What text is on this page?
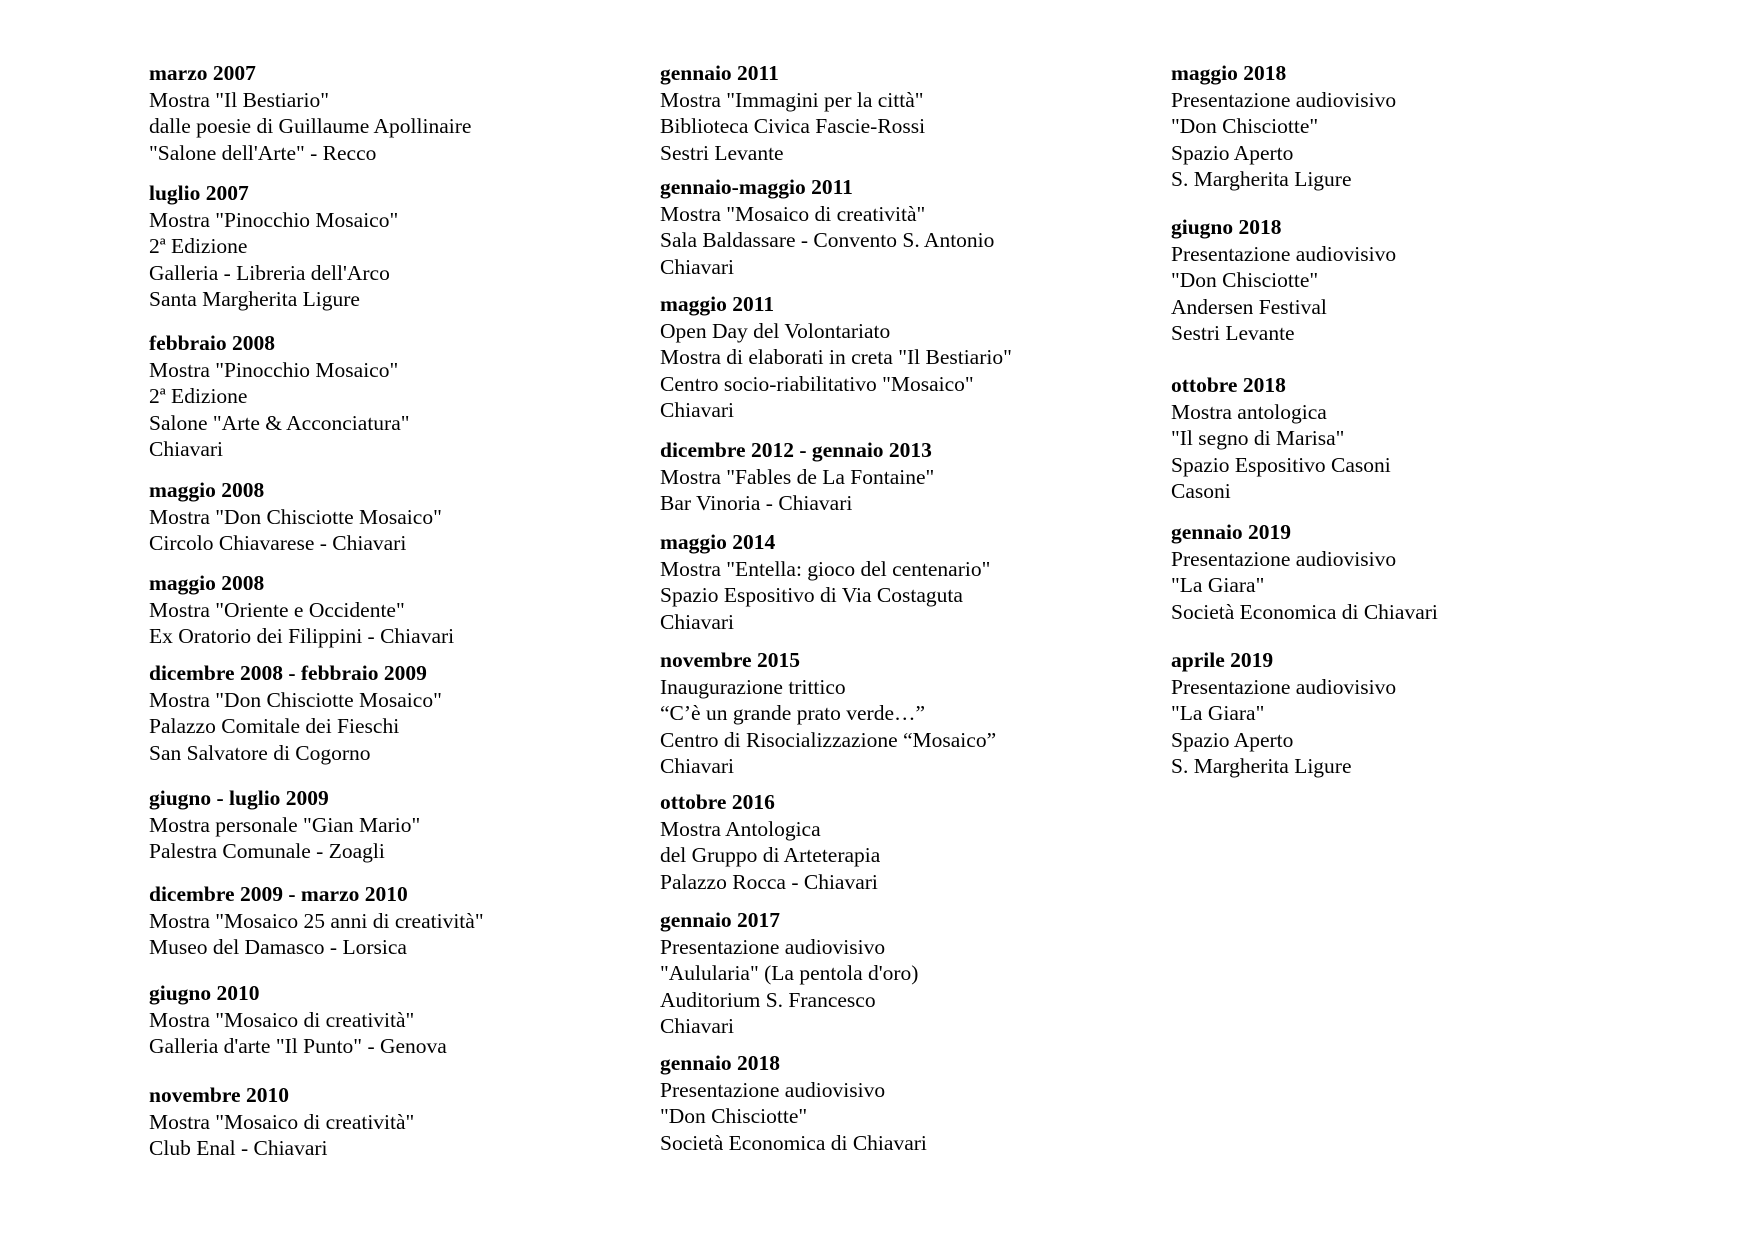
marzo 2007
Mostra "Il Bestiario"
dalle poesie di Guillaume Apollinaire
"Salone dell'Arte" - Recco
luglio 2007
Mostra "Pinocchio Mosaico"
2ª Edizione
Galleria - Libreria dell'Arco
Santa Margherita Ligure
febbraio 2008
Mostra "Pinocchio Mosaico"
2ª Edizione
Salone "Arte & Acconciatura"
Chiavari
maggio 2008
Mostra "Don Chisciotte Mosaico"
Circolo Chiavarese - Chiavari
maggio 2008
Mostra "Oriente e Occidente"
Ex Oratorio dei Filippini - Chiavari
dicembre 2008 - febbraio 2009
Mostra "Don Chisciotte Mosaico"
Palazzo Comitale dei Fieschi
San Salvatore di Cogorno
giugno - luglio 2009
Mostra personale "Gian Mario"
Palestra Comunale - Zoagli
dicembre 2009 - marzo 2010
Mostra "Mosaico 25 anni di creatività"
Museo del Damasco - Lorsica
giugno 2010
Mostra "Mosaico di creatività"
Galleria d'arte "Il Punto" - Genova
novembre 2010
Mostra "Mosaico di creatività"
Club Enal - Chiavari
gennaio 2011
Mostra "Immagini per la città"
Biblioteca Civica Fascie-Rossi
Sestri Levante
gennaio-maggio 2011
Mostra "Mosaico di creatività"
Sala Baldassare - Convento S. Antonio
Chiavari
maggio 2011
Open Day del Volontariato
Mostra di elaborati in creta "Il Bestiario"
Centro socio-riabilitativo "Mosaico"
Chiavari
dicembre 2012 - gennaio 2013
Mostra "Fables de La Fontaine"
Bar Vinoria - Chiavari
maggio 2014
Mostra "Entella: gioco del centenario"
Spazio Espositivo di Via Costaguta
Chiavari
novembre 2015
Inaugurazione trittico
“C’è un grande prato verde…”
Centro di Risocializzazione “Mosaico”
Chiavari
ottobre 2016
Mostra Antologica
del Gruppo di Arteterapia
Palazzo Rocca - Chiavari
gennaio 2017
Presentazione audiovisivo
"Aulularia" (La pentola d'oro)
Auditorium S. Francesco
Chiavari
gennaio 2018
Presentazione audiovisivo
"Don Chisciotte"
Società Economica di Chiavari
maggio 2018
Presentazione audiovisivo
"Don Chisciotte"
Spazio Aperto
S. Margherita Ligure
giugno 2018
Presentazione audiovisivo
"Don Chisciotte"
Andersen Festival
Sestri Levante
ottobre 2018
Mostra antologica
"Il segno di Marisa"
Spazio Espositivo Casoni
Casoni
gennaio 2019
Presentazione audiovisivo
"La Giara"
Società Economica di Chiavari
aprile 2019
Presentazione audiovisivo
"La Giara"
Spazio Aperto
S. Margherita Ligure
